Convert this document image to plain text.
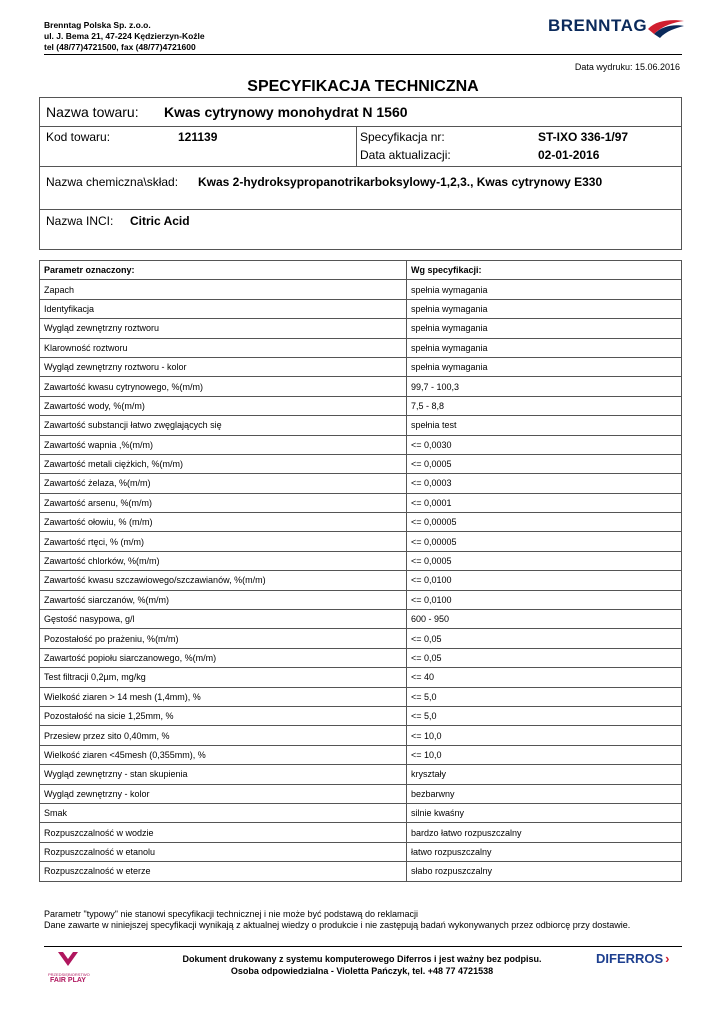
Brenntag Polska Sp. z.o.o.
ul. J. Bema 21, 47-224 Kędzierzyn-Koźle
tel (48/77)4721500, fax (48/77)4721600
BRENNTAG
Data wydruku: 15.06.2016
SPECYFIKACJA TECHNICZNA
Nazwa towaru: Kwas cytrynowy monohydrat N 1560
Kod towaru:	121139	Specyfikacja nr:	ST-IXO 336-1/97
Data aktualizacji:	02-01-2016
Nazwa chemiczna\skład: Kwas 2-hydroksypropanotrikarboksylowy-1,2,3., Kwas cytrynowy E330
Nazwa INCI: Citric Acid
Parametr oznaczony:	Wg specyfikacji:
Zapach	spełnia wymagania
Identyfikacja	spełnia wymagania
Wygląd zewnętrzny roztworu	spełnia wymagania
Klarowność roztworu	spełnia wymagania
Wygląd zewnętrzny roztworu - kolor	spełnia wymagania
Zawartość kwasu cytrynowego, %(m/m)	99,7 - 100,3
Zawartość wody, %(m/m)	7,5 - 8,8
Zawartość substancji łatwo zwęglających się	spełnia test
Zawartość wapnia ,%(m/m)	<= 0,0030
Zawartość metali ciężkich, %(m/m)	<= 0,0005
Zawartość żelaza, %(m/m)	<= 0,0003
Zawartość arsenu, %(m/m)	<= 0,0001
Zawartość ołowiu, % (m/m)	<= 0,00005
Zawartość rtęci, % (m/m)	<= 0,00005
Zawartość chlorków, %(m/m)	<= 0,0005
Zawartość kwasu szczawiowego/szczawianów, %(m/m)	<= 0,0100
Zawartość siarczanów, %(m/m)	<= 0,0100
Gęstość nasypowa, g/l	600 - 950
Pozostałość po prażeniu, %(m/m)	<= 0,05
Zawartość popiołu siarczanowego, %(m/m)	<= 0,05
Test filtracji 0,2µm, mg/kg	<= 40
Wielkość ziaren > 14 mesh (1,4mm), %	<= 5,0
Pozostałość na sicie 1,25mm, %	<= 5,0
Przesiew przez sito 0,40mm, %	<= 10,0
Wielkość ziaren <45mesh (0,355mm), %	<= 10,0
Wygląd zewnętrzny - stan skupienia	kryształy
Wygląd zewnętrzny - kolor	bezbarwny
Smak	silnie kwaśny
Rozpuszczalność w wodzie	bardzo łatwo rozpuszczalny
Rozpuszczalność w etanolu	łatwo rozpuszczalny
Rozpuszczalność w eterze	słabo rozpuszczalny
Parametr "typowy" nie stanowi specyfikacji technicznej i nie może być podstawą do reklamacji
Dane zawarte w niniejszej specyfikacji wynikają z aktualnej wiedzy o produkcie i nie zastępują badań wykonywanych przez odbiorcę przy dostawie.
PRZEDSIĘBIORSTWO
FAIR PLAY
Dokument drukowany z systemu komputerowego Diferros i jest ważny bez podpisu.
Osoba odpowiedzialna - Violetta Pańczyk, tel. +48 77 4721538
DIFERROS ›
